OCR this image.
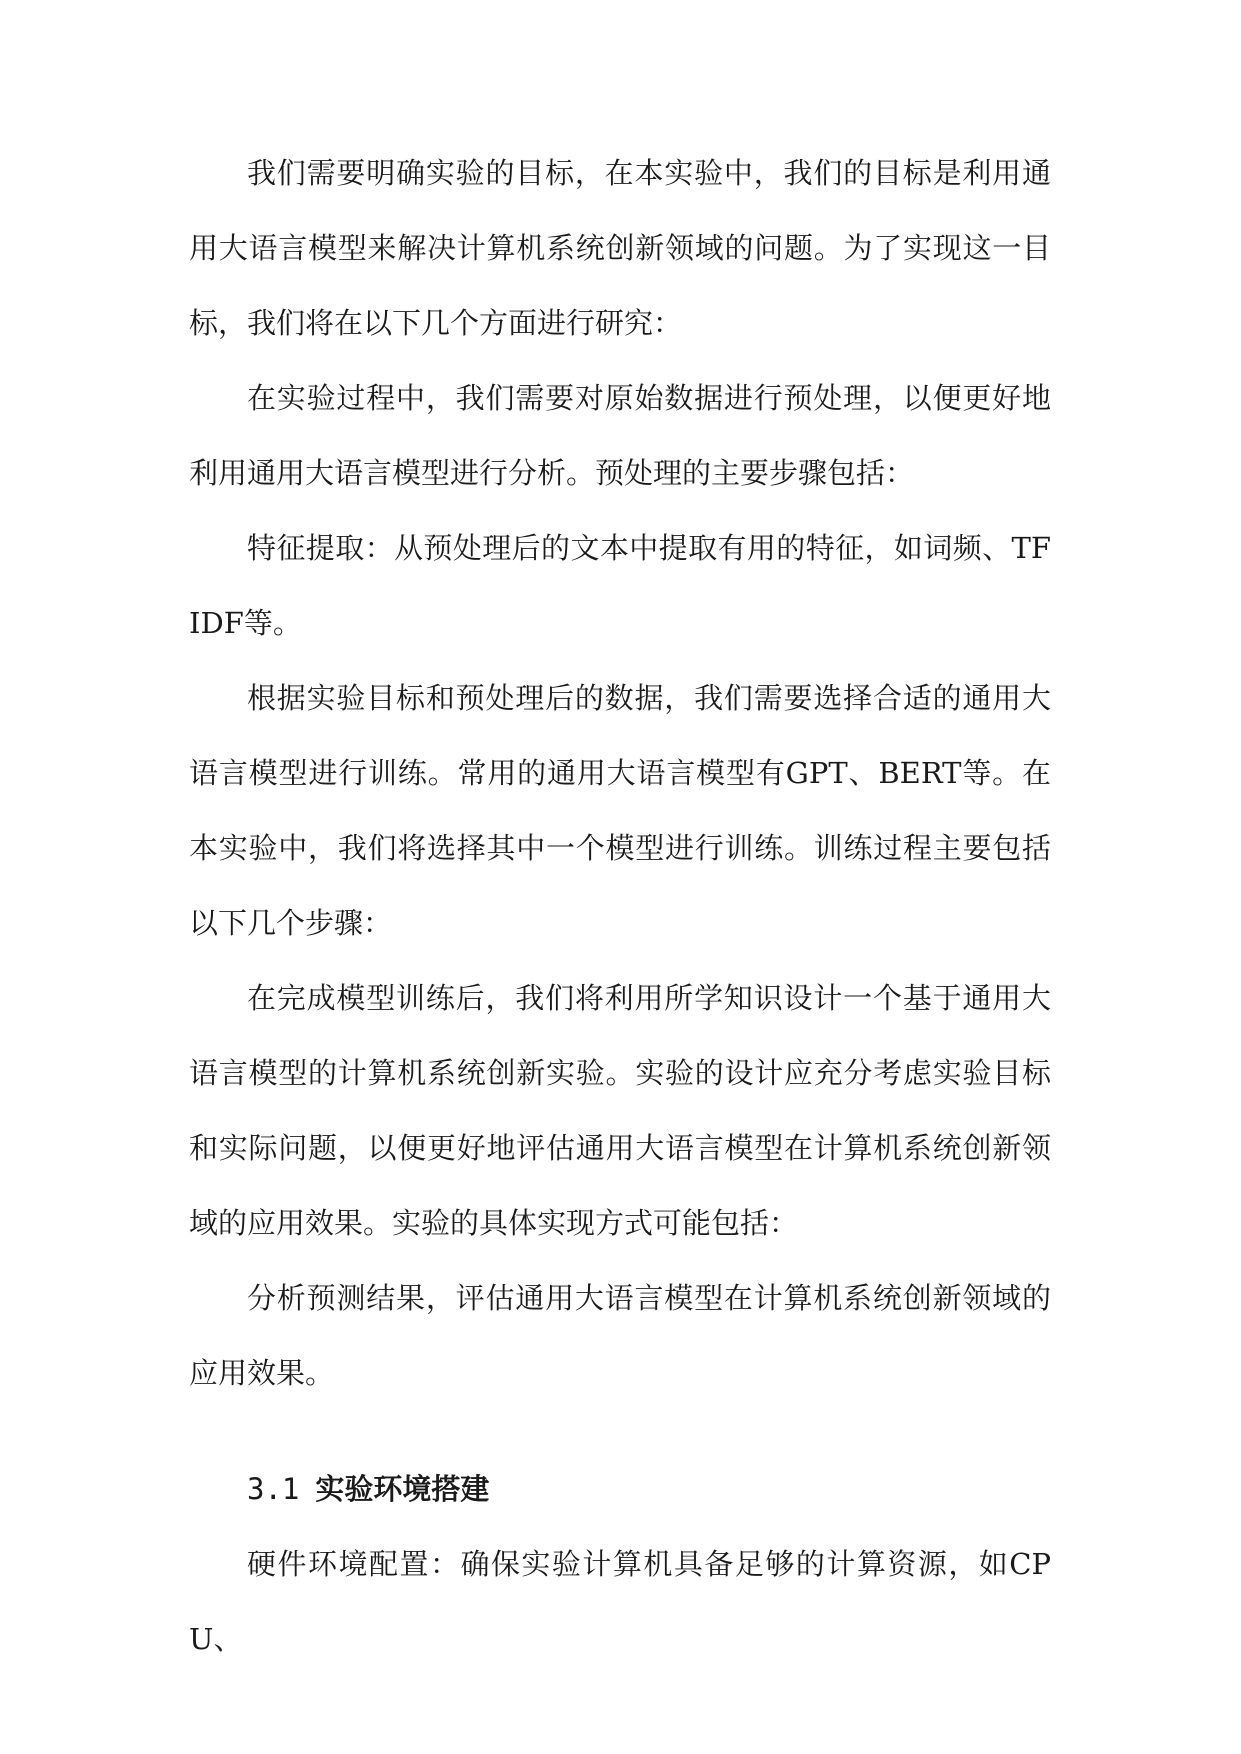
我们需要明确实验的目标，在本实验中，我们的目标是利用通用大语言模型来解决计算机系统创新领域的问题。为了实现这一目标，我们将在以下几个方面进行研究：

在实验过程中，我们需要对原始数据进行预处理，以便更好地利用通用大语言模型进行分析。预处理的主要步骤包括：

特征提取：从预处理后的文本中提取有用的特征，如词频、TFIDF等。

根据实验目标和预处理后的数据，我们需要选择合适的通用大语言模型进行训练。常用的通用大语言模型有GPT、BERT等。在本实验中，我们将选择其中一个模型进行训练。训练过程主要包括以下几个步骤：

在完成模型训练后，我们将利用所学知识设计一个基于通用大语言模型的计算机系统创新实验。实验的设计应充分考虑实验目标和实际问题，以便更好地评估通用大语言模型在计算机系统创新领域的应用效果。实验的具体实现方式可能包括：

分析预测结果，评估通用大语言模型在计算机系统创新领域的应用效果。

3.1 实验环境搭建

硬件环境配置：确保实验计算机具备足够的计算资源，如CPU、
